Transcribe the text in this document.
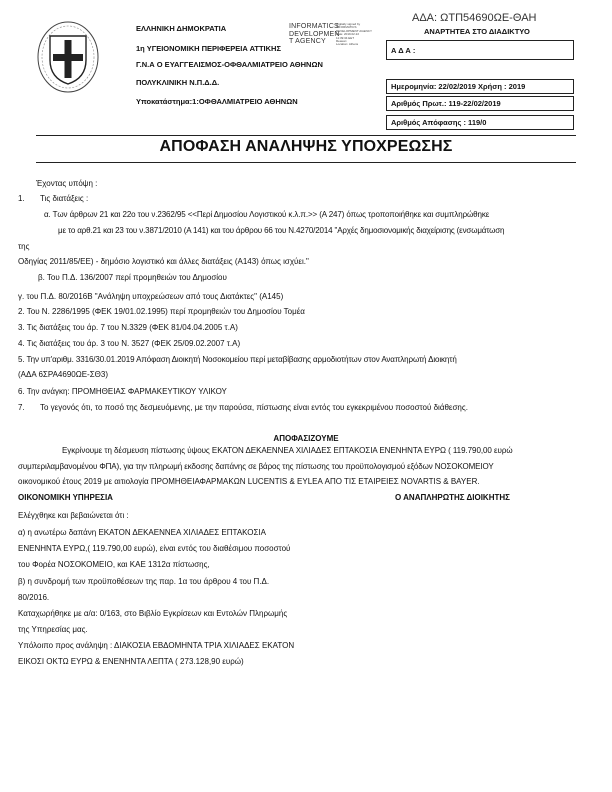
ΑΔΑ: ΩΤΠ54690ΩΕ-ΘΑΗ
ΕΛΛΗΝΙΚΗ ΔΗΜΟΚΡΑΤΙΑ
1η ΥΓΕΙΟΝΟΜΙΚΗ ΠΕΡΙΦΕΡΕΙΑ ΑΤΤΙΚΗΣ
Γ.Ν.Α Ο ΕΥΑΓΓΕΛΙΣΜΟΣ-ΟΦΘΑΛΜΙΑΤΡΕΙΟ ΑΘΗΝΩΝ
ΠΟΛΥΚΛΙΝΙΚΗ Ν.Π.Δ.Δ.
Υποκατάστημα:1:ΟΦΘΑΛΜΙΑΤΡΕΙΟ ΑΘΗΝΩΝ
INFORMATICS
DEVELOPMEN
T AGENCY
Digitally signed by
INFORMATICS
DEVELOPMENT AGENCY
Date: 2019.02.22
11:39:34 EET
Reason:
Location: Athens
ΑΝΑΡΤΗΤΕΑ ΣΤΟ ΔΙΑΔΙΚΤΥΟ
Α Δ Α :
Ημερομηνία: 22/02/2019 Χρήση : 2019
Αριθμός Πρωτ.: 119-22/02/2019
Αριθμός Απόφασης : 119/0
ΑΠΟΦΑΣΗ ΑΝΑΛΗΨΗΣ ΥΠΟΧΡΕΩΣΗΣ
Έχοντας υπόψη :
1. Τις διατάξεις :
α. Των άρθρων 21 και 22ο του ν.2362/95 <<Περί Δημοσίου Λογιστικού κ.λ.π.>> (Α 247) όπως τροποποιήθηκε και συμπληρώθηκε
με το αρθ.21 και 23 του ν.3871/2010 (Α 141) και του άρθρου 66 του Ν.4270/2014 "Αρχές δημοσιονομικής διαχείρισης (ενσωμάτωση
της
Οδηγίας 2011/85/ΕΕ) - δημόσιο λογιστικό και άλλες διατάξεις (Α143) όπως ισχύει."
β. Του Π.Δ. 136/2007 περί προμηθειών του Δημοσίου
γ. του Π.Δ. 80/2016Β "Ανάληψη υποχρεώσεων από τους Διατάκτες" (Α145)
2. Του Ν. 2286/1995 (ΦΕΚ 19/01.02.1995) περί προμηθειών του Δημοσίου Τομέα
3. Τις διατάξεις του άρ. 7 του Ν.3329 (ΦΕΚ 81/04.04.2005 τ.Α)
4. Τις διατάξεις του άρ. 3 του Ν. 3527 (ΦΕΚ 25/09.02.2007 τ.Α)
5. Την υπ'αριθμ. 3316/30.01.2019 Απόφαση Διοικητή Νοσοκομείου περί μεταβίβασης αρμοδιοτήτων στον Αναπληρωτή Διοικητή
(ΑΔΑ 6ΣΡΑ4690ΩΕ-ΣΘ3)
6. Την ανάγκη: ΠΡΟΜΗΘΕΙΑΣ ΦΑΡΜΑΚΕΥΤΙΚΟΥ ΥΛΙΚΟΥ
7. Το γεγονός ότι, το ποσό της δεσμευόμενης, με την παρούσα, πίστωσης είναι εντός του εγκεκριμένου ποσοστού διάθεσης.
ΑΠΟΦΑΣΙΖΟΥΜΕ
Εγκρίνουμε τη δέσμευση πίστωσης ύψους ΕΚΑΤΟΝ ΔΕΚΑΕΝΝΕΑ ΧΙΛΙΑΔΕΣ ΕΠΤΑΚΟΣΙΑ ΕΝΕΝΗΝΤΑ ΕΥΡΩ ( 119.790,00 ευρώ
συμπεριλαμβανομένου ΦΠΑ), για την πληρωμή εκδοσης δαπάνης σε βάρος της πίστωσης του προϋπολογισμού εξόδων ΝΟΣΟΚΟΜΕΙΟΥ
οικονομικού έτους 2019 με αιτιολογία ΠΡΟΜΗΘΕΙΑΦΑΡΜΑΚΩΝ LUCENTIS & EYLEA ΑΠΟ ΤΙΣ ΕΤΑΙΡΕΙΕΣ NOVARTIS & BAYER.
ΟΙΚΟΝΟΜΙΚΗ ΥΠΗΡΕΣΙΑ	Ο ΑΝΑΠΛΗΡΩΤΗΣ ΔΙΟΙΚΗΤΗΣ
Ελέγχθηκε και βεβαιώνεται ότι :
α) η ανωτέρω δαπάνη ΕΚΑΤΟΝ ΔΕΚΑΕΝΝΕΑ ΧΙΛΙΑΔΕΣ ΕΠΤΑΚΟΣΙΑ
ΕΝΕΝΗΝΤΑ ΕΥΡΩ,( 119.790,00 ευρώ), είναι εντός του διαθέσιμου ποσοστού
του Φορέα ΝΟΣΟΚΟΜΕΙΟ, και ΚΑΕ 1312α πίστωσης,
β) η συνδρομή των προϋποθέσεων της παρ. 1α του άρθρου 4 του Π.Δ.
80/2016.
Καταχωρήθηκε με α/α: 0/163, στο Βιβλίο Εγκρίσεων και Εντολών Πληρωμής
της Υπηρεσίας μας.
Υπόλοιπο προς ανάληψη : ΔΙΑΚΟΣΙΑ ΕΒΔΟΜΗΝΤΑ ΤΡΙΑ ΧΙΛΙΑΔΕΣ ΕΚΑΤΟΝ
ΕΙΚΟΣΙ ΟΚΤΩ ΕΥΡΩ & ΕΝΕΝΗΝΤΑ ΛΕΠΤΑ ( 273.128,90 ευρώ)
